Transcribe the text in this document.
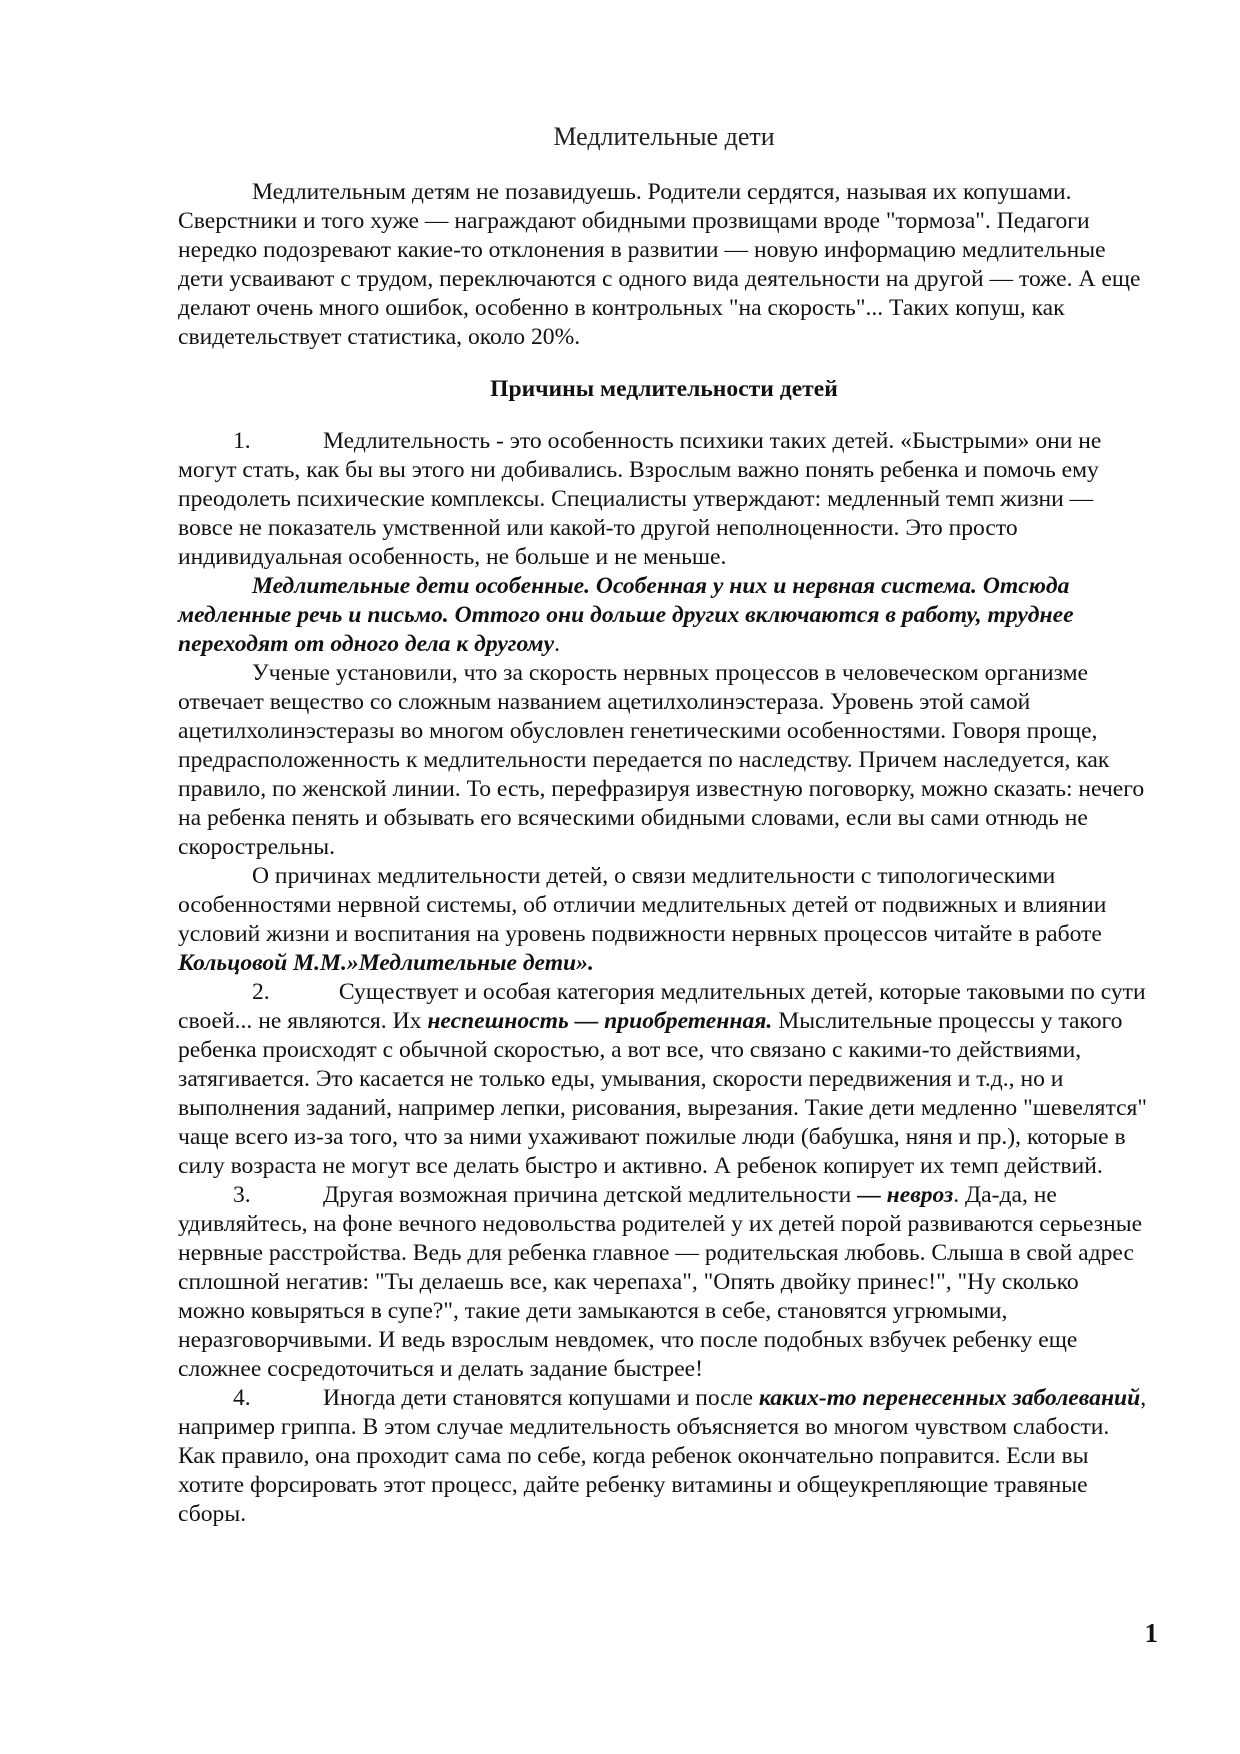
Медлительные дети

Медлительным детям не позавидуешь. Родители сердятся, называя их копушами. Сверстники и того хуже — награждают обидными прозвищами вроде "тормоза". Педагоги нередко подозревают какие-то отклонения в развитии — новую информацию медлительные дети усваивают с трудом, переключаются с одного вида деятельности на другой — тоже. А еще делают очень много ошибок, особенно в контрольных "на скорость"... Таких копуш, как свидетельствует статистика, около 20%.

Причины медлительности детей

1.	Медлительность - это особенность психики таких детей. «Быстрыми» они не могут стать, как бы вы этого ни добивались. Взрослым важно понять ребенка и помочь ему преодолеть психические комплексы. Специалисты утверждают: медленный темп жизни — вовсе не показатель умственной или какой-то другой неполноценности. Это просто индивидуальная особенность, не больше и не меньше.

Медлительные дети особенные. Особенная у них и нервная система. Отсюда медленные речь и письмо. Оттого они дольше других включаются в работу, труднее переходят от одного дела к другому.

Ученые установили, что за скорость нервных процессов в человеческом организме отвечает вещество со сложным названием ацетилхолинэстераза. Уровень этой самой ацетилхолинэстеразы во многом обусловлен генетическими особенностями. Говоря проще, предрасположенность к медлительности передается по наследству. Причем наследуется, как правило, по женской линии. То есть, перефразируя известную поговорку, можно сказать: нечего на ребенка пенять и обзывать его всяческими обидными словами, если вы сами отнюдь не скорострельны.

О причинах медлительности детей, о связи медлительности с типологическими особенностями нервной системы, об отличии медлительных детей от подвижных и влиянии условий жизни и воспитания на уровень подвижности нервных процессов читайте в работе Кольцовой М.М.»Медлительные дети».

2.	Существует и особая категория медлительных детей, которые таковыми по сути своей... не являются. Их неспешность — приобретенная. Мыслительные процессы у такого ребенка происходят с обычной скоростью, а вот все, что связано с какими-то действиями, затягивается. Это касается не только еды, умывания, скорости передвижения и т.д., но и выполнения заданий, например лепки, рисования, вырезания. Такие дети медленно "шевелятся" чаще всего из-за того, что за ними ухаживают пожилые люди (бабушка, няня и пр.), которые в силу возраста не могут все делать быстро и активно. А ребенок копирует их темп действий.

3.	Другая возможная причина детской медлительности — невроз. Да-да, не удивляйтесь, на фоне вечного недовольства родителей у их детей порой развиваются серьезные нервные расстройства. Ведь для ребенка главное — родительская любовь. Слыша в свой адрес сплошной негатив: "Ты делаешь все, как черепаха", "Опять двойку принес!", "Ну сколько можно ковыряться в супе?", такие дети замыкаются в себе, становятся угрюмыми, неразговорчивыми. И ведь взрослым невдомек, что после подобных взбучек ребенку еще сложнее сосредоточиться и делать задание быстрее!

4.	Иногда дети становятся копушами и после каких-то перенесенных заболеваний, например гриппа. В этом случае медлительность объясняется во многом чувством слабости. Как правило, она проходит сама по себе, когда ребенок окончательно поправится. Если вы хотите форсировать этот процесс, дайте ребенку витамины и общеукрепляющие травяные сборы.

1
